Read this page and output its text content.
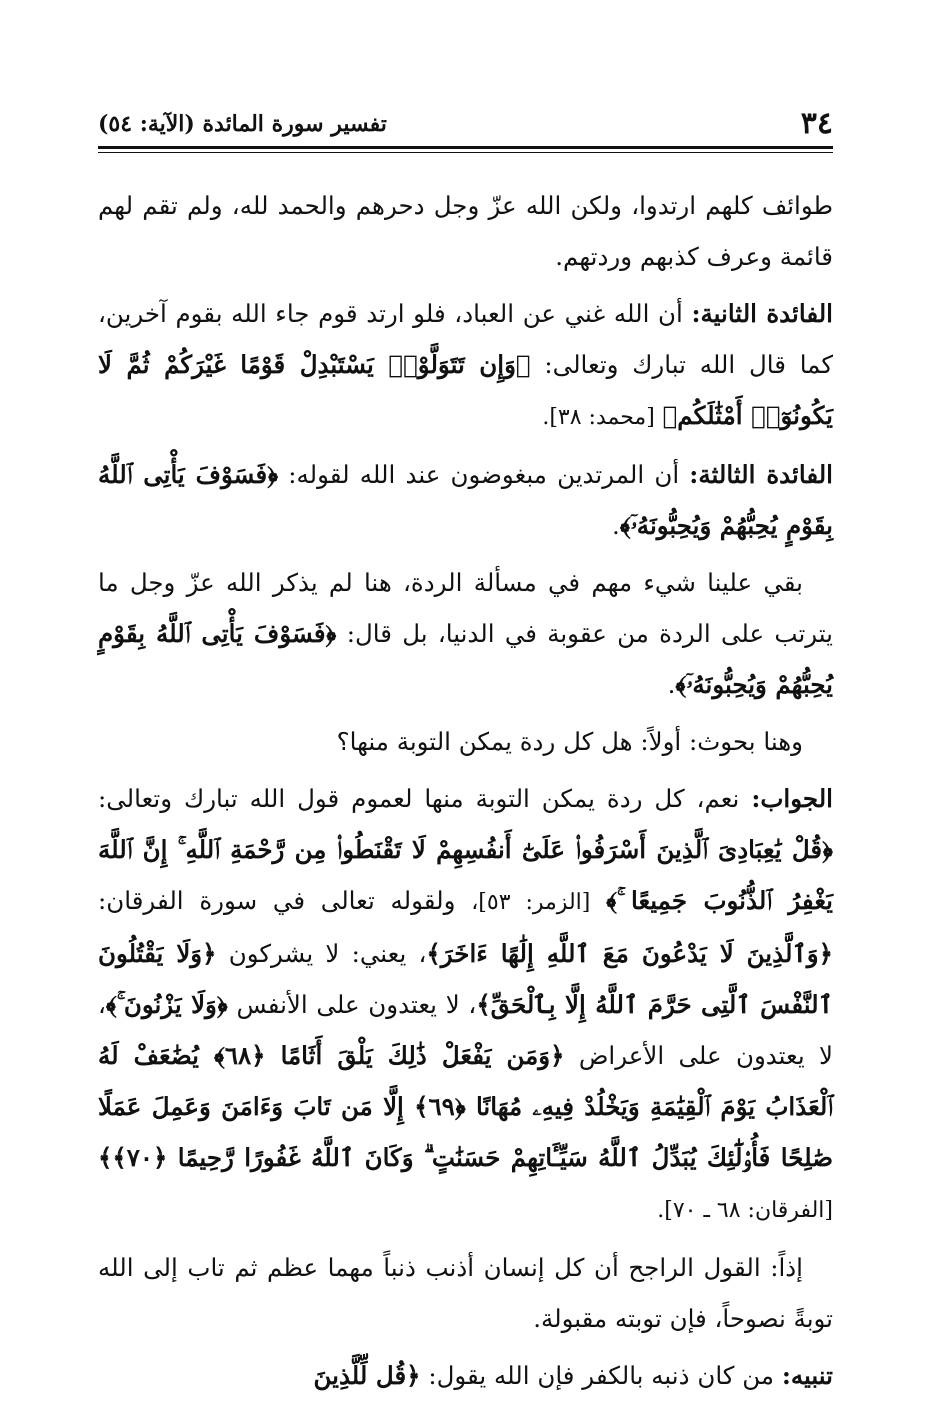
٣٤
تفسير سورة المائدة (الآية: ٥٤)

طوائف كلهم ارتدوا، ولكن الله عزّ وجل دحرهم والحمد لله، ولم تقم لهم قائمة وعرف كذبهم وردتهم.

الفائدة الثانية: أن الله غني عن العباد، فلو ارتد قوم جاء الله بقوم آخرين، كما قال الله تبارك وتعالى: ﴿وَإِن تَتَوَلَّوْا۟ يَسْتَبْدِلْ قَوْمًا غَيْرَكُمْ ثُمَّ لَا يَكُونُوٓا۟ أَمْثَٰلَكُم﴾ [محمد: ٣٨].

الفائدة الثالثة: أن المرتدين مبغوضون عند الله لقوله: ﴿فَسَوْفَ يَأْتِى ٱللَّهُ بِقَوْمٍ يُحِبُّهُمْ وَيُحِبُّونَهُۥٓ﴾.

بقي علينا شيء مهم في مسألة الردة، هنا لم يذكر الله عزّ وجل ما يترتب على الردة من عقوبة في الدنيا، بل قال: ﴿فَسَوْفَ يَأْتِى ٱللَّهُ بِقَوْمٍ يُحِبُّهُمْ وَيُحِبُّونَهُۥٓ﴾.

وهنا بحوث: أولاً: هل كل ردة يمكن التوبة منها؟

الجواب: نعم، كل ردة يمكن التوبة منها لعموم قول الله تبارك وتعالى: ﴿قُلْ يَٰعِبَادِىَ ٱلَّذِينَ أَسْرَفُوا۟ عَلَىٰٓ أَنفُسِهِمْ لَا تَقْنَطُوا۟ مِن رَّحْمَةِ ٱللَّهِ ۚ إِنَّ ٱللَّهَ يَغْفِرُ ٱلذُّنُوبَ جَمِيعًا ۚ﴾ [الزمر: ٥٣]، ولقوله تعالى في سورة الفرقان: ﴿وَٱلَّذِينَ لَا يَدْعُونَ مَعَ ٱللَّهِ إِلَٰهًا ءَاخَرَ﴾، يعني: لا يشركون ﴿وَلَا يَقْتُلُونَ ٱلنَّفْسَ ٱلَّتِى حَرَّمَ ٱللَّهُ إِلَّا بِٱلْحَقِّ﴾، لا يعتدون على الأنفس ﴿وَلَا يَزْنُونَ ۚ﴾، لا يعتدون على الأعراض ﴿وَمَن يَفْعَلْ ذَٰلِكَ يَلْقَ أَثَامًا ﴿٦٨﴾ يُضَٰعَفْ لَهُ ٱلْعَذَابُ يَوْمَ ٱلْقِيَٰمَةِ وَيَخْلُدْ فِيهِۦ مُهَانًا ﴿٦٩﴾ إِلَّا مَن تَابَ وَءَامَنَ وَعَمِلَ عَمَلًا صَٰلِحًا فَأُو۟لَٰٓئِكَ يُبَدِّلُ ٱللَّهُ سَيِّـَٔاتِهِمْ حَسَنَٰتٍ ۗ وَكَانَ ٱللَّهُ غَفُورًا رَّحِيمًا ﴿٧٠﴾﴾ [الفرقان: ٦٨ ـ ٧٠].

إذاً: القول الراجح أن كل إنسان أذنب ذنباً مهما عظم ثم تاب إلى الله توبةً نصوحاً، فإن توبته مقبولة.

تنبيه: من كان ذنبه بالكفر فإن الله يقول: ﴿قُل لِّلَّذِينَ
